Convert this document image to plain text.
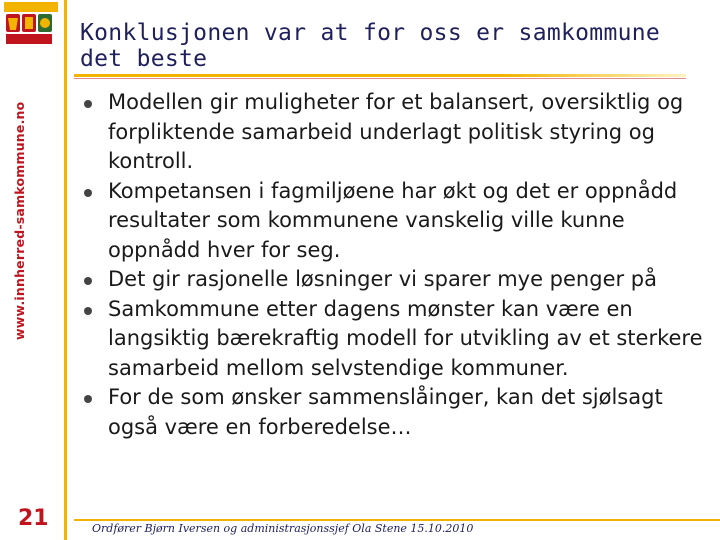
www.innherred-samkommune.no
21
Konklusjonen var at for oss er samkommune det beste
Modellen gir muligheter for et balansert, oversiktlig og forpliktende samarbeid underlagt politisk styring og kontroll.
Kompetansen i fagmiljøene har økt og det er oppnådd resultater som kommunene vanskelig ville kunne oppnådd hver for seg.
Det gir rasjonelle løsninger vi sparer mye penger på
Samkommune etter dagens mønster kan være en langsiktig bærekraftig modell for utvikling av et sterkere samarbeid mellom selvstendige kommuner.
For de som ønsker sammenslåinger, kan det sjølsagt også være en forberedelse…
Ordfører Bjørn Iversen og administrasjonssjef Ola Stene 15.10.2010
